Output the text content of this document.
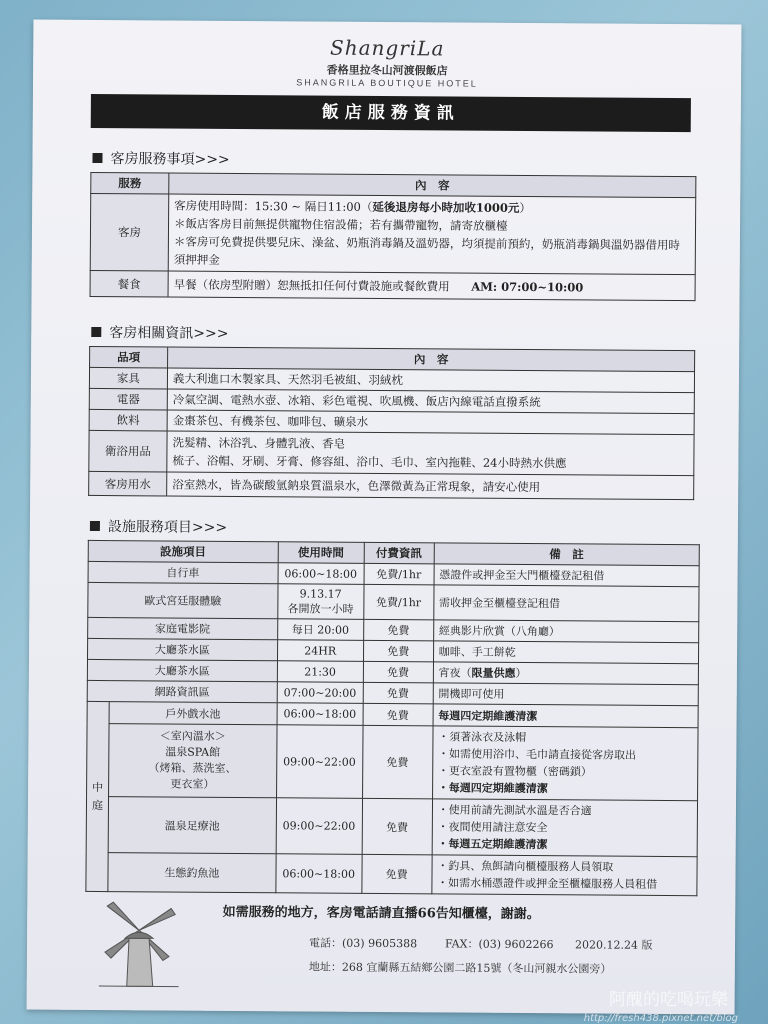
ShangriLa
香格里拉冬山河渡假飯店
SHANGRILA BOUTIQUE HOTEL
飯店服務資訊
客房服務事項>>>
服務	內　容
客房	客房使用時間：15:30 ~ 隔日11:00（延後退房每小時加收1000元）
＊飯店客房目前無提供寵物住宿設備；若有攜帶寵物，請寄放櫃檯
＊客房可免費提供嬰兒床、澡盆、奶瓶消毒鍋及溫奶器，均須提前預約，奶瓶消毒鍋與溫奶器借用時須押押金

餐食	早餐（依房型附贈）恕無抵扣任何付費設施或餐飲費用 AM: 07:00~10:00
客房相關資訊>>>
品項	內　容
家具	義大利進口木製家具、天然羽毛被組、羽絨枕
電器	冷氣空調、電熱水壺、冰箱、彩色電視、吹風機、飯店內線電話直撥系統
飲料	金棗茶包、有機茶包、咖啡包、礦泉水
衛浴用品	洗髮精、沐浴乳、身體乳液、香皂
梳子、浴帽、牙刷、牙膏、修容組、浴巾、毛巾、室內拖鞋、24小時熱水供應

客房用水	浴室熱水，皆為碳酸氫鈉泉質溫泉水，色澤微黃為正常現象，請安心使用
設施服務項目>>>
設施項目		使用時間	付費資訊	備　註
自行車		06:00~18:00	免費/1hr	憑證件或押金至大門櫃檯登記租借
歐式宮廷服體驗		9.13.17
各開放一小時	免費/1hr	需收押金至櫃檯登記租借
家庭電影院		每日 20:00	免費	經典影片欣賞（八角廳）
大廳茶水區		24HR	免費	咖啡、手工餅乾
大廳茶水區		21:30	免費	宵夜（限量供應）
網路資訊區		07:00~20:00	免費	開機即可使用
中庭	戶外戲水池	06:00~18:00	免費	每週四定期維護清潔

	＜室內溫水＞
溫泉SPA館
（烤箱、蒸洗室、
更衣室）	09:00~22:00	免費	・須著泳衣及泳帽
・如需使用浴巾、毛巾請直接從客房取出
・更衣室設有置物櫃（密碼鎖）
・每週四定期維護清潔

	溫泉足療池	09:00~22:00	免費	・使用前請先測試水溫是否合適
・夜間使用請注意安全
・每週五定期維護清潔

	生態釣魚池	06:00~18:00	免費	・釣具、魚餌請向櫃檯服務人員領取
・如需水桶憑證件或押金至櫃檯服務人員租借
如需服務的地方，客房電話請直播66告知櫃檯，謝謝。
電話：(03) 9605388	FAX：(03) 9602266 2020.12.24 版
地址：268 宜蘭縣五結鄉公園二路15號（冬山河親水公園旁）
阿醜的吃喝玩樂
http://fresh438.pixnet.net/blog
